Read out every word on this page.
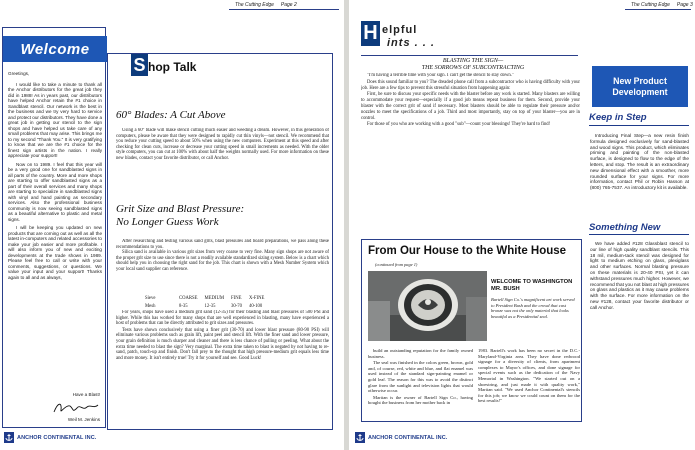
The Cutting Edge Page 2	The Cutting Edge Page 3
Welcome

Greetings,

I would like to take a minute to thank all the Anchor distributors for the great job they did in 1988! As in years past, our distributors have helped Anchor retain the #1 choice in Sandblast stencil. Our network is the best in the business and we try very hard to service and protect our distributors. They have done a great job in getting our stencil to the sign shops and have helped us take care of any small problems that may arise. This brings me to my second "Thank You." It is very gratifying to know that we are the #1 choice for the finest sign artists in the nation. I really appreciate your support!

Now on to 1989. I feel that this year will be a very good one for sandblasted signs in all parts of the country. More and more shops are starting to offer sandblasted signs as a part of their overall services and many shops are starting to specialize in sandblasted signs with vinyl and hand painting as secondary services. Also the professional business community is now seeing sandblasted signs as a beautiful alternative to plastic and metal signs.

I will be keeping you updated on new products that are coming out as well as all the latest in-computers and related accessories to make your job easier and more profitable. I will also inform you of new and exciting developments at the trade shows in 1989. Please feel free to call or write with your comments, suggestions, or questions. We value your input and your support! Thanks again to all and as always,

Have a Blast!
Weil M. Jenkins
S hop Talk
60° Blades: A Cut Above
Using a 60° blade will make stencil cutting much easier and weeding a dream. However, in this generation of computers, please be aware that they were designed to rapidly cut thin vinyls—not stencil. We recommend that you reduce your cutting speed to about 50% when using the new computers. Experiment at this speed and after checking for clean cuts, increase or decrease your cutting speed in small increments as needed. With the older style computers, you can cut at 100% with about half the weights normally used. For more information on these new blades, contact your favorite distributor, or call Anchor.
Grit Size and Blast Pressure:
No Longer Guess Work

After researching and testing various sand grits, blast pressures and board preparations, we pass along these recommendations to you.

Silica sand is available in various grit sizes from very coarse to very fine. Many sign shops are not aware of the proper grit size to use since there is not a readily available standardized sizing system. Below is a chart which should help you in choosing the right sand for the job. This chart is shown with a Mesh Number System which your local sand supplier can reference.

Sieve	COARSE	MEDIUM	FINE	X-FINE
Mesh	8-35	12-35	30-70	40-100

For years, shops have used a medium grit sand (12-35) for their blasting and blast pressures of 500 PSI and higher. While this has worked for many shops that are well experienced in blasting, many have experienced a host of problems that can be directly attributed to grit sizes and pressures.

Tests have shown conclusively that using a finer grit (30-70) and lower blast pressure (80-90 PSI) will eliminate various problems such as grain lift, paint peel and stencil lift. With the finer sand and lower pressure, your grain definition is much sharper and cleaner and there is less chance of pulling or peeling. What about the extra time needed to blast the sign? Very marginal. The extra time taken to blast is negated by not having to re-sand, patch, touch-up and finish. Don't fall prey to the thought that high pressure-medium grit equals less time and more money. It isn't entirely true! Try it for yourself and see. Good Luck!

ANCHOR CONTINENTAL INC.
H elpful
ints . . .
BLASTING THE SIGN—
THE SORROWS OF SUBCONTRACTING

"I'm having a terrible time with your sign. I can't get the stencil to stay down."

Does this sound familiar to you? The dreaded phone call from a subcontractor who is having difficulty with your job. Here are a few tips to prevent this stressful situation from happening again:

First, be sure to discuss your specific needs with the blaster before any work is started. Many blasters are willing to accommodate your request—especially if a good job means repeat business for them. Second, provide your blaster with the correct grit of sand if necessary. Most blasters should be able to regulate their pressure and/or nozzles to meet the specifications of a job. Third and most importantly, stay on top of your blaster—you are in control.

For those of you who are working with a good "sub"—count your blessings! They're hard to find!

From Our House to the White House
(continued from page 1)
WELCOME TO WASHINGTON MR. BUSH
Bartell Sign Co.'s magnificent art work served to President Bush and the crowd that cast bronze was not the only material that looks beautiful as a Presidential seal.

build an outstanding reputation for the family owned business.

The seal was finished in the colors green, brown, gold and, of course, red, white and blue, and flat enamel was used instead of the standard sign-painting enamel or gold leaf. The reason for this was to avoid the distinct glare from the sunlight and television lights that would otherwise occur.

Martian is the owner of Bartell Sign Co., having bought the business from her mother back in

1983. Bartell's work has been no secret in the D.C.-Maryland-Virginia area. They have done redwood signage for a diversity of clients, from apartment complexes to Mayor's offices, and done signage for special events such as the dedication of the Navy Memorial in Washington. "We started out on a shoestring, and just made it with quality work," Martian said. "We used Anchor Continental's stencils for this job; we know we could count on them for the best results!"
New Product
Development
Keep in Step

Introducing Final Step—a new resin finish formula designed exclusively for sand-blasted and wood signs. This product, which eliminates priming and painting of the non-blasted surface, is designed to flow to the edge of the letters, and stop. The result is an extraordinary new dimensional effect with a smoother, more rounded surface for your signs. For more information, contact Phil or Robin Hasson at (800) 765-7537. An introductory kit is available.

Something New

We have added #128 Glassblast stencil to our line of high quality sandblast stencils. This 18 mil, medium-tack stencil was designed for light to medium etching on glass, plexiglass and other surfaces. Normal blasting pressure on these materials is 20-40 PSI, yet it can withstand pressures much higher. However, we recommend that you not blast at high pressures on glass and plastics as it may cause problems with the surface. For more information on the new #128, contact your favorite distributor or call Anchor.

ANCHOR CONTINENTAL INC.
